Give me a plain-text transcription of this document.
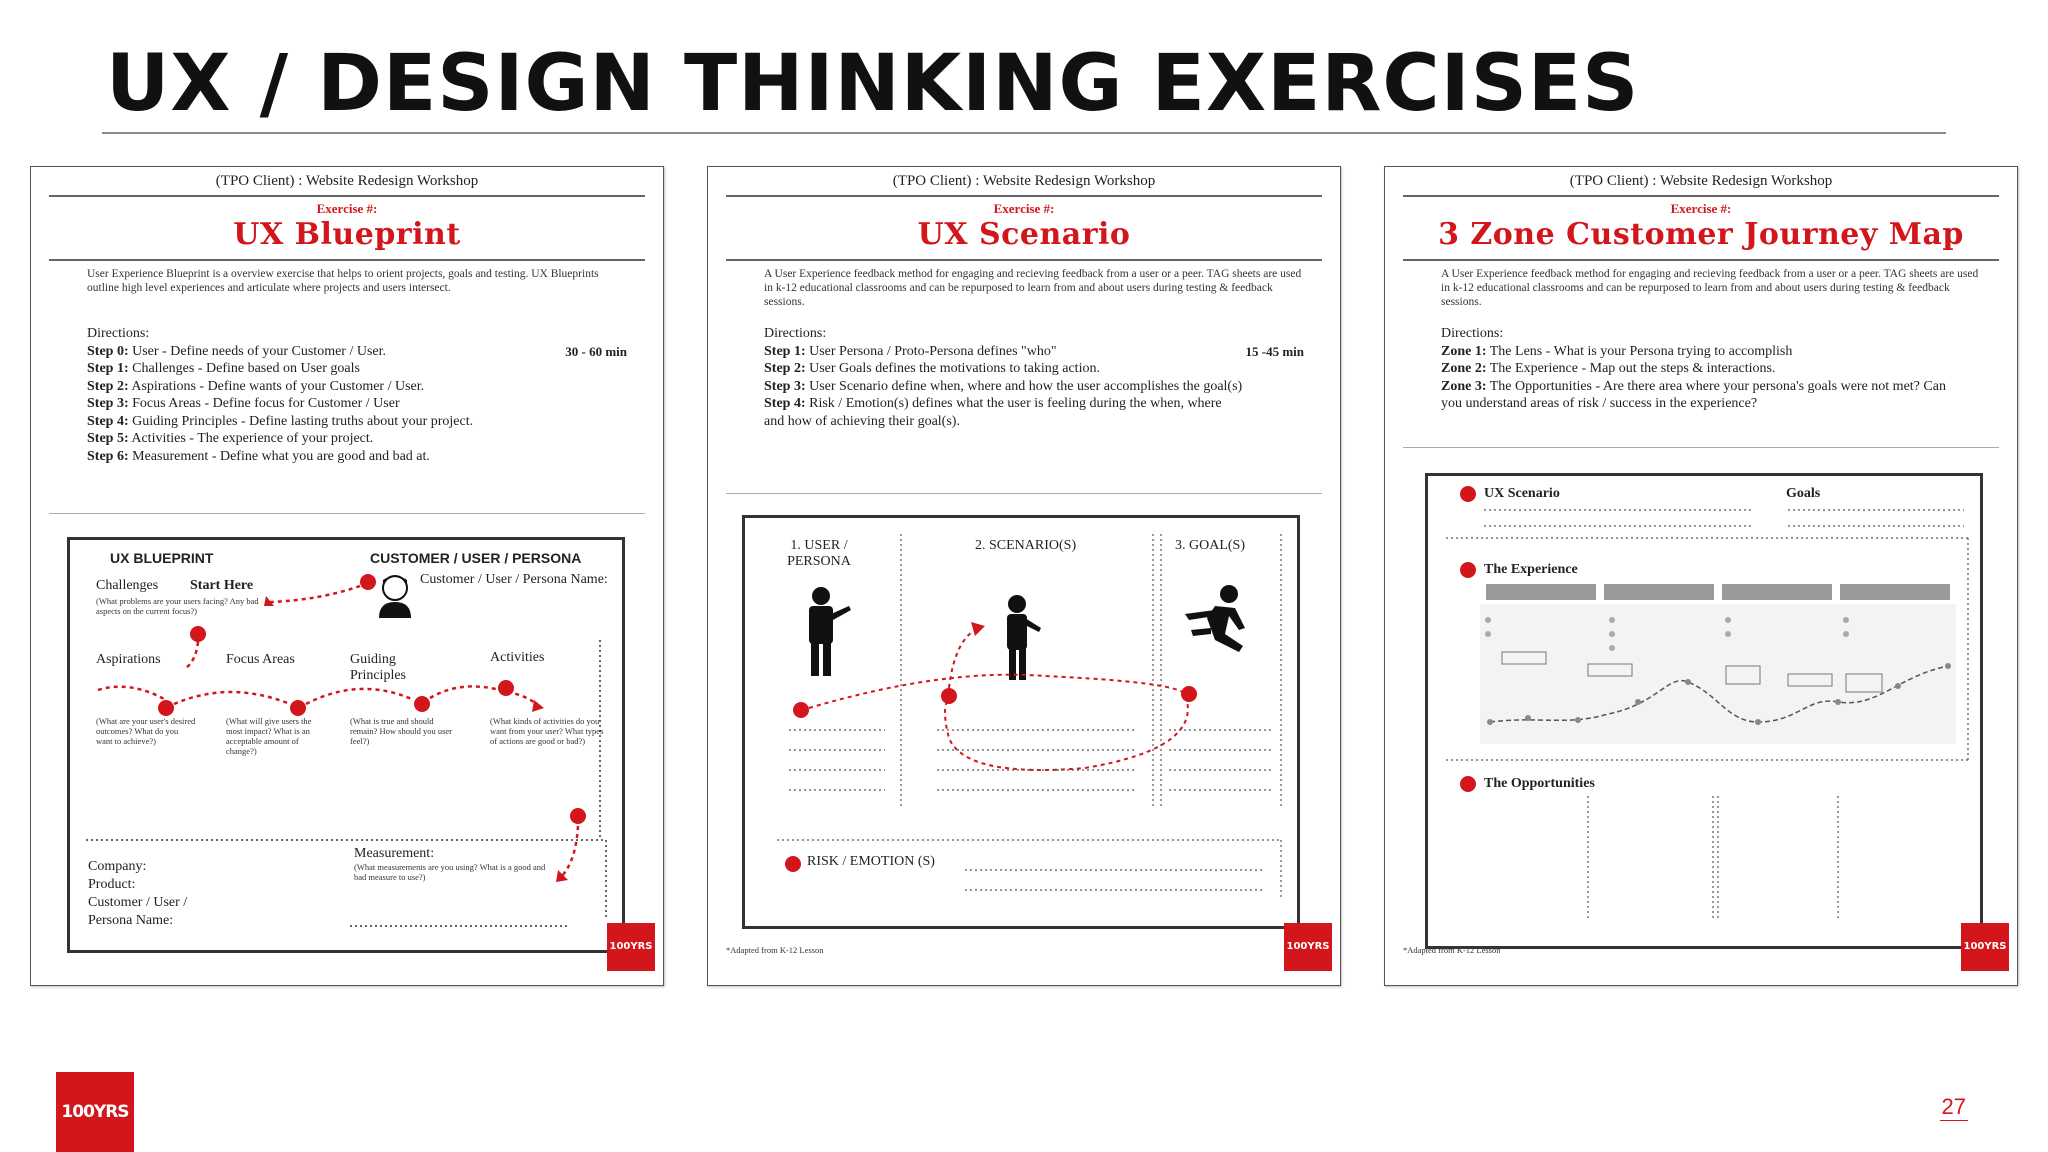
UX / DESIGN THINKING EXERCISES
(TPO Client) : Website Redesign Workshop
Exercise #:
UX Blueprint
User Experience Blueprint is a overview exercise that helps to orient projects, goals and testing. UX Blueprints outline high level experiences and articulate where projects and users intersect.
Directions:
30 - 60 min
Step 0: User - Define needs of your Customer / User.
Step 1: Challenges - Define based on User goals
Step 2: Aspirations - Define wants of your Customer / User.
Step 3: Focus Areas - Define focus for Customer / User
Step 4: Guiding Principles - Define lasting truths about your project.
Step 5: Activities - The experience of your project.
Step 6: Measurement - Define what you are good and bad at.
UX BLUEPRINT	CUSTOMER / USER / PERSONA
Customer / User / Persona Name:
Challenges Start Here
(What problems are your users facing? Any bad aspects on the current focus?)
Aspirations	Focus Areas	Guiding Principles
Activities
(What are your user's desired outcomes? What do you want to achieve?)
(What will give users the most impact? What is an acceptable amount of change?)
(What is true and should remain? How should you user feel?)
(What kinds of activities do you want from your user? What types of actions are good or bad?)
Company:
Product:
Customer / User / Persona Name:
Measurement:
(What measurements are you using? What is a good and bad measure to use?)
100YRS
(TPO Client) : Website Redesign Workshop
Exercise #:
UX Scenario
A User Experience feedback method for engaging and recieving feedback from a user or a peer. TAG sheets are used in k-12 educational classrooms and can be repurposed to learn from and about users during testing & feedback sessions.
Directions:
15 -45 min
Step 1: User Persona / Proto-Persona defines "who"
Step 2: User Goals defines the motivations to taking action.
Step 3: User Scenario define when, where and how the user accomplishes the goal(s)
Step 4: Risk / Emotion(s) defines what the user is feeling during the when, where and how of achieving their goal(s).
1. USER / PERSONA
2. SCENARIO(S)	3. GOAL(S)
RISK / EMOTION (S)
*Adapted from K-12 Lesson	100YRS
(TPO Client) : Website Redesign Workshop
Exercise #:
3 Zone Customer Journey Map
A User Experience feedback method for engaging and recieving feedback from a user or a peer. TAG sheets are used in k-12 educational classrooms and can be repurposed to learn from and about users during testing & feedback sessions.
Directions:
Zone 1: The Lens - What is your Persona trying to accomplish
Zone 2: The Experience - Map out the steps & interactions.
Zone 3: The Opportunities - Are there area where your persona's goals were not met? Can you understand areas of risk / success in the experience?
UX Scenario	Goals
The Experience
The Opportunities
*Adapted from K-12 Lesson	100YRS
100YRS	27
